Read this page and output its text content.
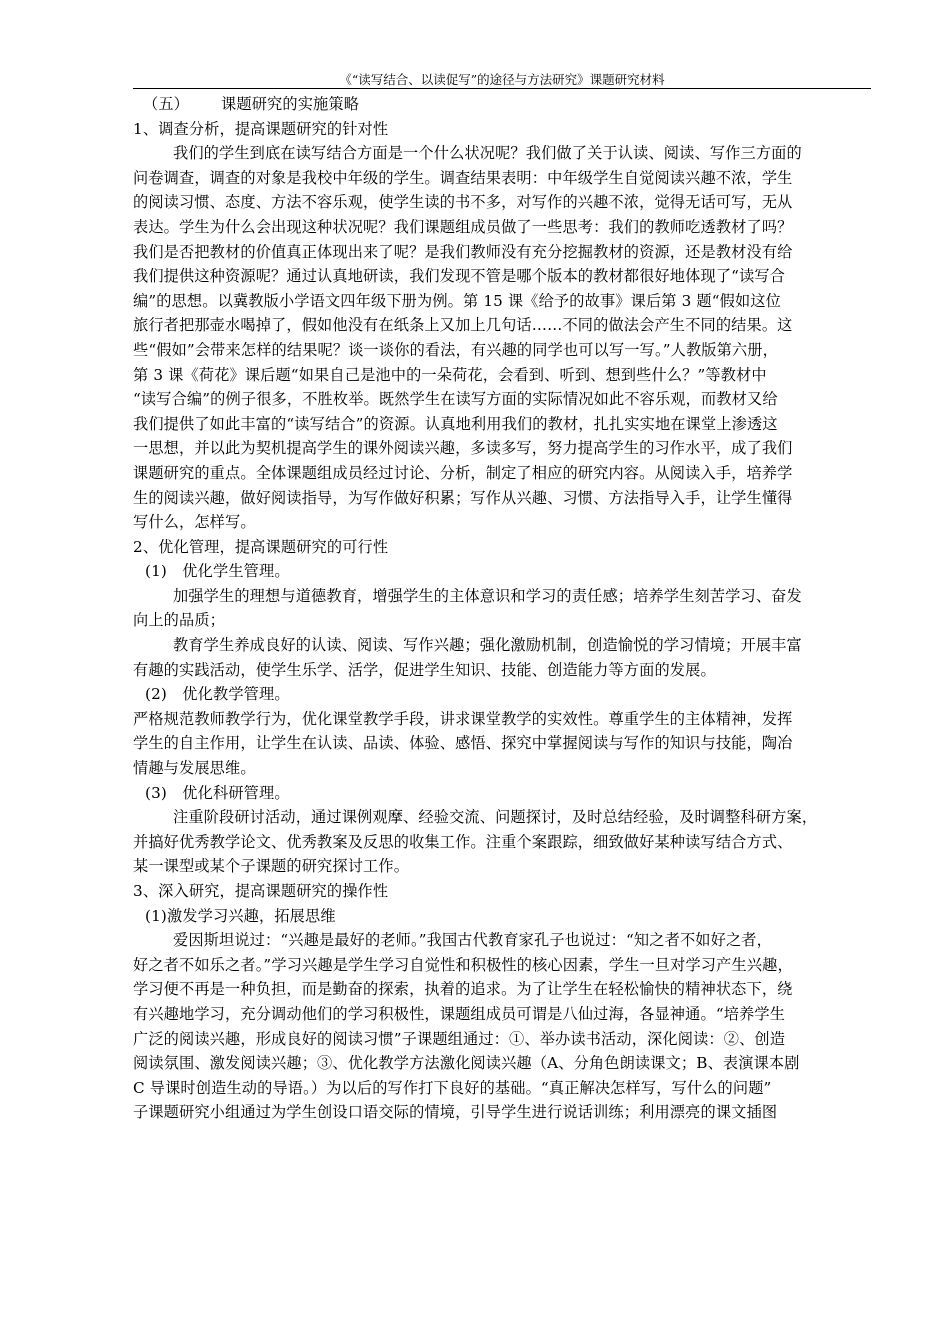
《“读写结合、以读促写”的途径与方法研究》课题研究材料

（五） 课题研究的实施策略

1、调查分析，提高课题研究的针对性

我们的学生到底在读写结合方面是一个什么状况呢？我们做了关于认读、阅读、写作三方面的

问卷调查，调查的对象是我校中年级的学生。调查结果表明：中年级学生自觉阅读兴趣不浓，学生

的阅读习惯、态度、方法不容乐观，使学生读的书不多，对写作的兴趣不浓，觉得无话可写，无从

表达。学生为什么会出现这种状况呢？我们课题组成员做了一些思考：我们的教师吃透教材了吗？

我们是否把教材的价值真正体现出来了呢？是我们教师没有充分挖掘教材的资源，还是教材没有给

我们提供这种资源呢？通过认真地研读，我们发现不管是哪个版本的教材都很好地体现了“读写合

编”的思想。以冀教版小学语文四年级下册为例。第 15 课《给予的故事》课后第 3 题“假如这位

旅行者把那壶水喝掉了，假如他没有在纸条上又加上几句话……不同的做法会产生不同的结果。这

些“假如”会带来怎样的结果呢？谈一谈你的看法，有兴趣的同学也可以写一写。”人教版第六册，

第 3 课《荷花》课后题“如果自己是池中的一朵荷花，会看到、听到、想到些什么？”等教材中

“读写合编”的例子很多，不胜枚举。既然学生在读写方面的实际情况如此不容乐观，而教材又给

我们提供了如此丰富的“读写结合”的资源。认真地利用我们的教材，扎扎实实地在课堂上渗透这

一思想，并以此为契机提高学生的课外阅读兴趣，多读多写，努力提高学生的习作水平，成了我们

课题研究的重点。全体课题组成员经过讨论、分析，制定了相应的研究内容。从阅读入手，培养学

生的阅读兴趣，做好阅读指导，为写作做好积累；写作从兴趣、习惯、方法指导入手，让学生懂得

写什么，怎样写。

2、优化管理，提高课题研究的可行性

(1)　优化学生管理。

加强学生的理想与道德教育，增强学生的主体意识和学习的责任感；培养学生刻苦学习、奋发

向上的品质；

教育学生养成良好的认读、阅读、写作兴趣；强化激励机制，创造愉悦的学习情境；开展丰富

有趣的实践活动，使学生乐学、活学，促进学生知识、技能、创造能力等方面的发展。

(2)　优化教学管理。

严格规范教师教学行为，优化课堂教学手段，讲求课堂教学的实效性。尊重学生的主体精神，发挥

学生的自主作用，让学生在认读、品读、体验、感悟、探究中掌握阅读与写作的知识与技能，陶冶

情趣与发展思维。

(3)　优化科研管理。

注重阶段研讨活动，通过课例观摩、经验交流、问题探讨，及时总结经验，及时调整科研方案，

并搞好优秀教学论文、优秀教案及反思的收集工作。注重个案跟踪，细致做好某种读写结合方式、

某一课型或某个子课题的研究探讨工作。

3、深入研究，提高课题研究的操作性

(1)激发学习兴趣，拓展思维

爱因斯坦说过：“兴趣是最好的老师。”我国古代教育家孔子也说过：“知之者不如好之者，

好之者不如乐之者。”学习兴趣是学生学习自觉性和积极性的核心因素，学生一旦对学习产生兴趣，

学习便不再是一种负担，而是勤奋的探索，执着的追求。为了让学生在轻松愉快的精神状态下，绕

有兴趣地学习，充分调动他们的学习积极性，课题组成员可谓是八仙过海，各显神通。“培养学生

广泛的阅读兴趣，形成良好的阅读习惯”子课题组通过：①、举办读书活动，深化阅读：②、创造

阅读氛围、激发阅读兴趣；③、优化教学方法激化阅读兴趣（A、分角色朗读课文；B、表演课本剧

C 导课时创造生动的导语。）为以后的写作打下良好的基础。“真正解决怎样写，写什么的问题”

子课题研究小组通过为学生创设口语交际的情境，引导学生进行说话训练；利用漂亮的课文插图
